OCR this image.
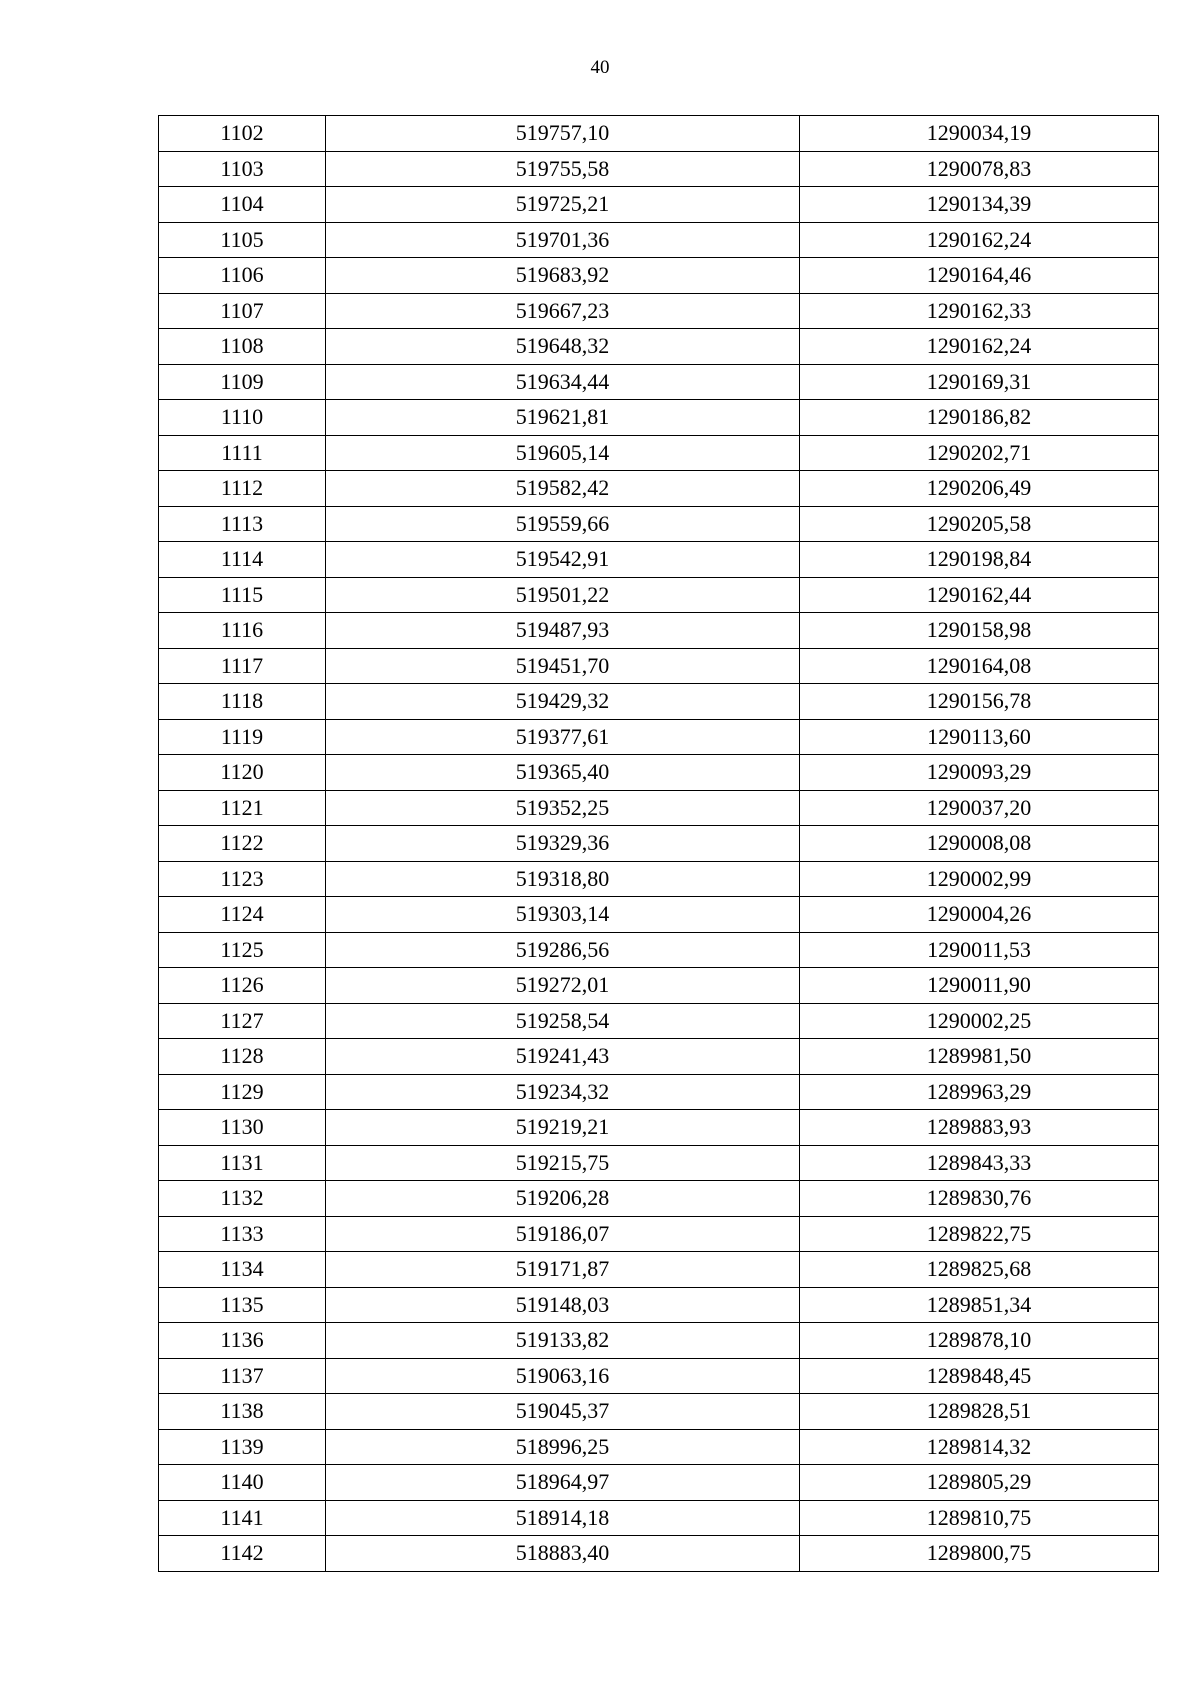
40
1102	519757,10	1290034,19
1103	519755,58	1290078,83
1104	519725,21	1290134,39
1105	519701,36	1290162,24
1106	519683,92	1290164,46
1107	519667,23	1290162,33
1108	519648,32	1290162,24
1109	519634,44	1290169,31
1110	519621,81	1290186,82
1111	519605,14	1290202,71
1112	519582,42	1290206,49
1113	519559,66	1290205,58
1114	519542,91	1290198,84
1115	519501,22	1290162,44
1116	519487,93	1290158,98
1117	519451,70	1290164,08
1118	519429,32	1290156,78
1119	519377,61	1290113,60
1120	519365,40	1290093,29
1121	519352,25	1290037,20
1122	519329,36	1290008,08
1123	519318,80	1290002,99
1124	519303,14	1290004,26
1125	519286,56	1290011,53
1126	519272,01	1290011,90
1127	519258,54	1290002,25
1128	519241,43	1289981,50
1129	519234,32	1289963,29
1130	519219,21	1289883,93
1131	519215,75	1289843,33
1132	519206,28	1289830,76
1133	519186,07	1289822,75
1134	519171,87	1289825,68
1135	519148,03	1289851,34
1136	519133,82	1289878,10
1137	519063,16	1289848,45
1138	519045,37	1289828,51
1139	518996,25	1289814,32
1140	518964,97	1289805,29
1141	518914,18	1289810,75
1142	518883,40	1289800,75
